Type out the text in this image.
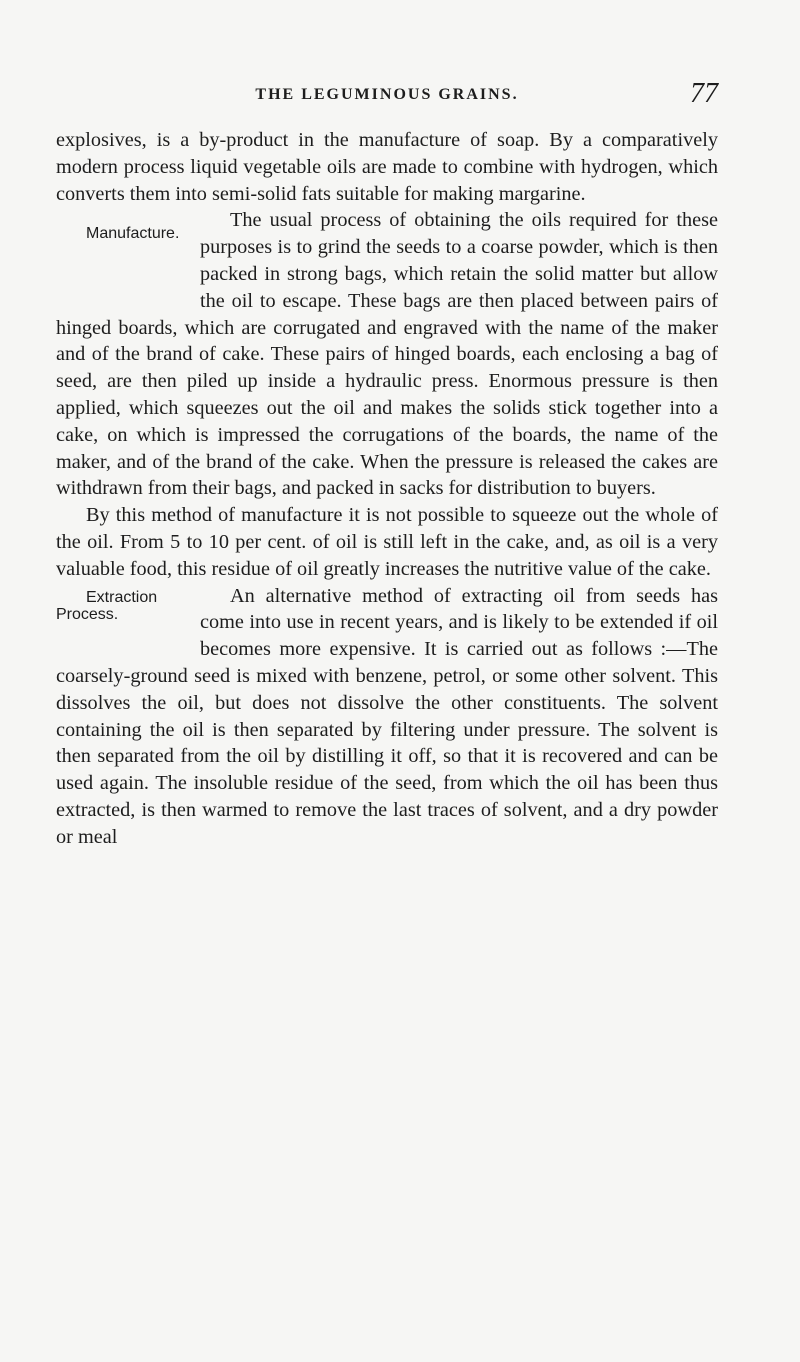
THE LEGUMINOUS GRAINS.	77

explosives, is a by-product in the manufacture of soap. By a comparatively modern process liquid vegetable oils are made to combine with hydrogen, which converts them into semi-solid fats suitable for making margarine.

Manufacture.
The usual process of obtaining the oils required for these purposes is to grind the seeds to a coarse powder, which is then packed in strong bags, which retain the solid matter but allow the oil to escape. These bags are then placed between pairs of hinged boards, which are corrugated and engraved with the name of the maker and of the brand of cake. These pairs of hinged boards, each enclosing a bag of seed, are then piled up inside a hydraulic press. Enormous pressure is then applied, which squeezes out the oil and makes the solids stick together into a cake, on which is impressed the corrugations of the boards, the name of the maker, and of the brand of the cake. When the pressure is released the cakes are withdrawn from their bags, and packed in sacks for distribution to buyers.

By this method of manufacture it is not possible to squeeze out the whole of the oil. From 5 to 10 per cent. of oil is still left in the cake, and, as oil is a very valuable food, this residue of oil greatly increases the nutritive value of the cake.

Extraction Process.
An alternative method of extracting oil from seeds has come into use in recent years, and is likely to be extended if oil becomes more expensive. It is carried out as follows :—The coarsely-ground seed is mixed with benzene, petrol, or some other solvent. This dissolves the oil, but does not dissolve the other constituents. The solvent containing the oil is then separated by filtering under pressure. The solvent is then separated from the oil by distilling it off, so that it is recovered and can be used again. The insoluble residue of the seed, from which the oil has been thus extracted, is then warmed to remove the last traces of solvent, and a dry powder or meal
